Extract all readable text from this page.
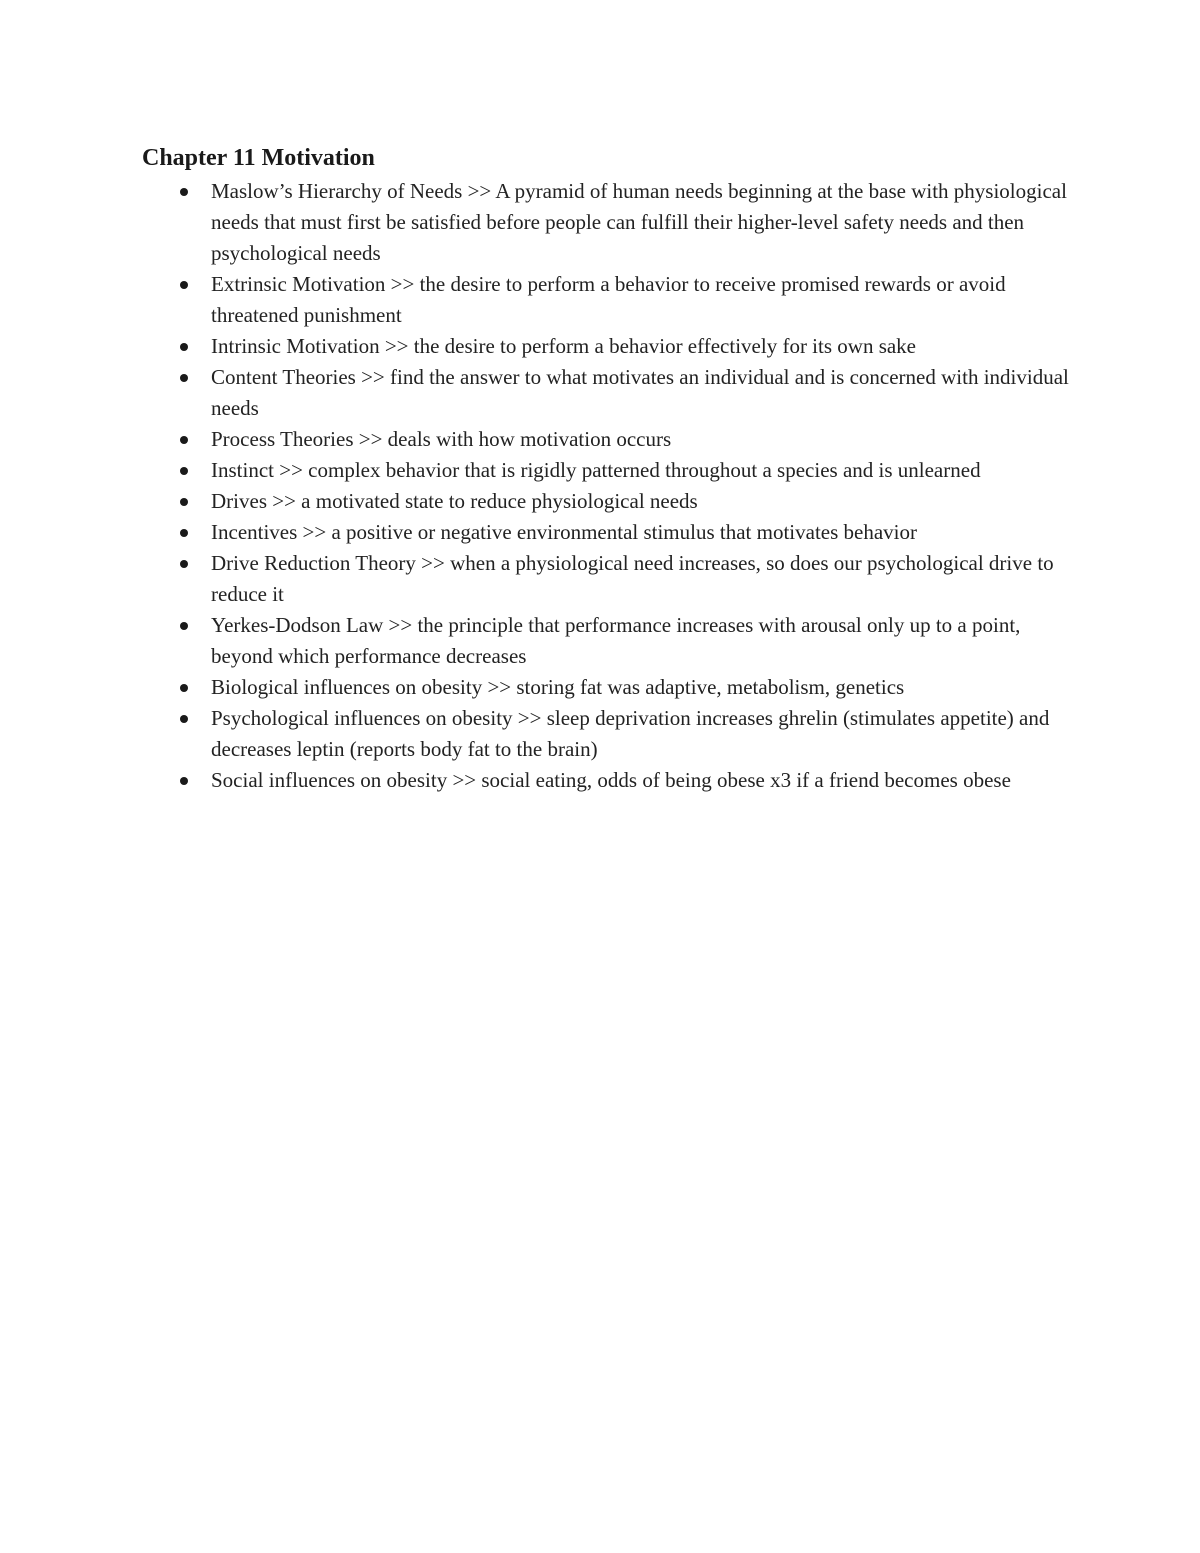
Chapter 11 Motivation
Maslow’s Hierarchy of Needs >> A pyramid of human needs beginning at the base with physiological needs that must first be satisfied before people can fulfill their higher-level safety needs and then psychological needs
Extrinsic Motivation >> the desire to perform a behavior to receive promised rewards or avoid threatened punishment
Intrinsic Motivation >> the desire to perform a behavior effectively for its own sake
Content Theories >> find the answer to what motivates an individual and is concerned with individual needs
Process Theories >> deals with how motivation occurs
Instinct >> complex behavior that is rigidly patterned throughout a species and is unlearned
Drives >> a motivated state to reduce physiological needs
Incentives >> a positive or negative environmental stimulus that motivates behavior
Drive Reduction Theory >> when a physiological need increases, so does our psychological drive to reduce it
Yerkes-Dodson Law >> the principle that performance increases with arousal only up to a point, beyond which performance decreases
Biological influences on obesity >> storing fat was adaptive, metabolism, genetics
Psychological influences on obesity >> sleep deprivation increases ghrelin (stimulates appetite) and decreases leptin (reports body fat to the brain)
Social influences on obesity >> social eating, odds of being obese x3 if a friend becomes obese
